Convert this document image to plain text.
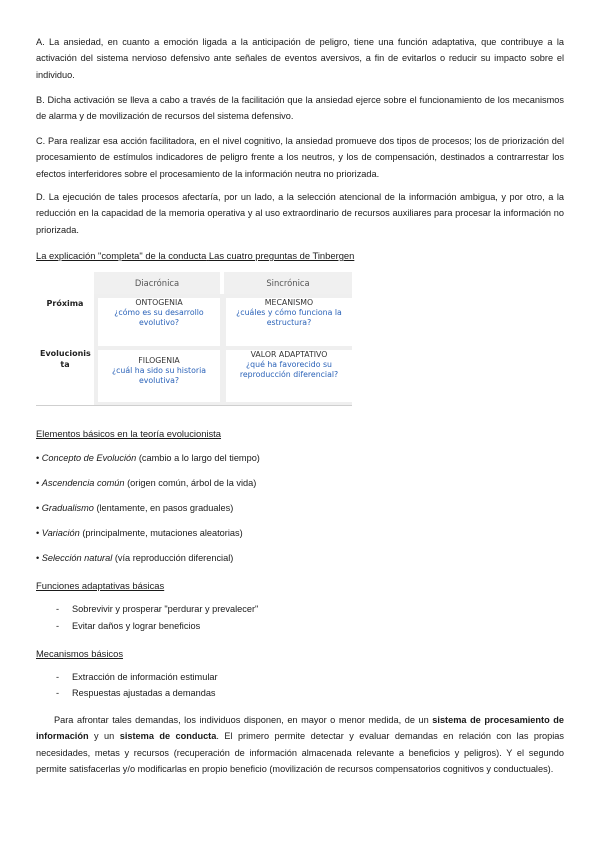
A. La ansiedad, en cuanto a emoción ligada a la anticipación de peligro, tiene una función adaptativa, que contribuye a la activación del sistema nervioso defensivo ante señales de eventos aversivos, a fin de evitarlos o reducir su impacto sobre el individuo.

B. Dicha activación se lleva a cabo a través de la facilitación que la ansiedad ejerce sobre el funcionamiento de los mecanismos de alarma y de movilización de recursos del sistema defensivo.

C. Para realizar esa acción facilitadora, en el nivel cognitivo, la ansiedad promueve dos tipos de procesos; los de priorización del procesamiento de estímulos indicadores de peligro frente a los neutros, y los de compensación, destinados a contrarrestar los efectos interferidores sobre el procesamiento de la información neutra no priorizada.

D. La ejecución de tales procesos afectaría, por un lado, a la selección atencional de la información ambigua, y por otro, a la reducción en la capacidad de la memoria operativa y al uso extraordinario de recursos auxiliares para procesar la información no priorizada.

La explicación "completa" de la conducta Las cuatro preguntas de Tinbergen

Diacrónica	Sincrónica
Próxima
Evolucionis ta
ONTOGENIA
¿cómo es su desarrollo evolutivo?
MECANISMO
¿cuáles y cómo funciona la estructura?
FILOGENIA
¿cuál ha sido su historia evolutiva?
VALOR ADAPTATIVO
¿qué ha favorecido su reproducción diferencial?

Elementos básicos en la teoría evolucionista

• Concepto de Evolución (cambio a lo largo del tiempo)

• Ascendencia común (origen común, árbol de la vida)

• Gradualismo (lentamente, en pasos graduales)

• Variación (principalmente, mutaciones aleatorias)

• Selección natural (vía reproducción diferencial)

Funciones adaptativas básicas

- Sobrevivir y prosperar "perdurar y prevalecer"

- Evitar daños y lograr beneficios

Mecanismos básicos

- Extracción de información estimular

- Respuestas ajustadas a demandas

Para afrontar tales demandas, los individuos disponen, en mayor o menor medida, de un sistema de procesamiento de información y un sistema de conducta. El primero permite detectar y evaluar demandas en relación con las propias necesidades, metas y recursos (recuperación de información almacenada relevante a beneficios y peligros). Y el segundo permite satisfacerlas y/o modificarlas en propio beneficio (movilización de recursos compensatorios cognitivos y conductuales).
